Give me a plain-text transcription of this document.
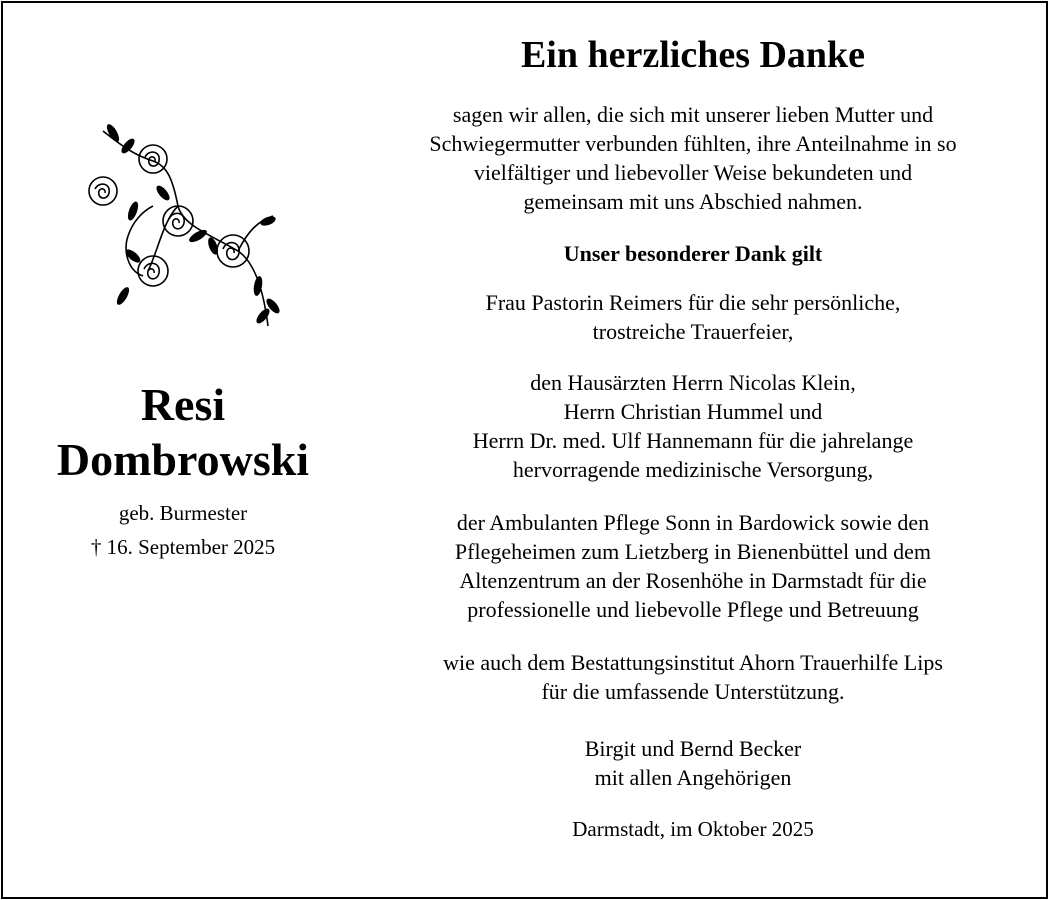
Resi
Dombrowski
geb. Burmester
† 16. September 2025
Ein herzliches Danke
sagen wir allen, die sich mit unserer lieben Mutter und
Schwiegermutter verbunden fühlten, ihre Anteilnahme in so
vielfältiger und liebevoller Weise bekundeten und
gemeinsam mit uns Abschied nahmen.
Unser besonderer Dank gilt
Frau Pastorin Reimers für die sehr persönliche,
trostreiche Trauerfeier,
den Hausärzten Herrn Nicolas Klein,
Herrn Christian Hummel und
Herrn Dr. med. Ulf Hannemann für die jahrelange
hervorragende medizinische Versorgung,
der Ambulanten Pflege Sonn in Bardowick sowie den
Pflegeheimen zum Lietzberg in Bienenbüttel und dem
Altenzentrum an der Rosenhöhe in Darmstadt für die
professionelle und liebevolle Pflege und Betreuung
wie auch dem Bestattungsinstitut Ahorn Trauerhilfe Lips
für die umfassende Unterstützung.
Birgit und Bernd Becker
mit allen Angehörigen
Darmstadt, im Oktober 2025
